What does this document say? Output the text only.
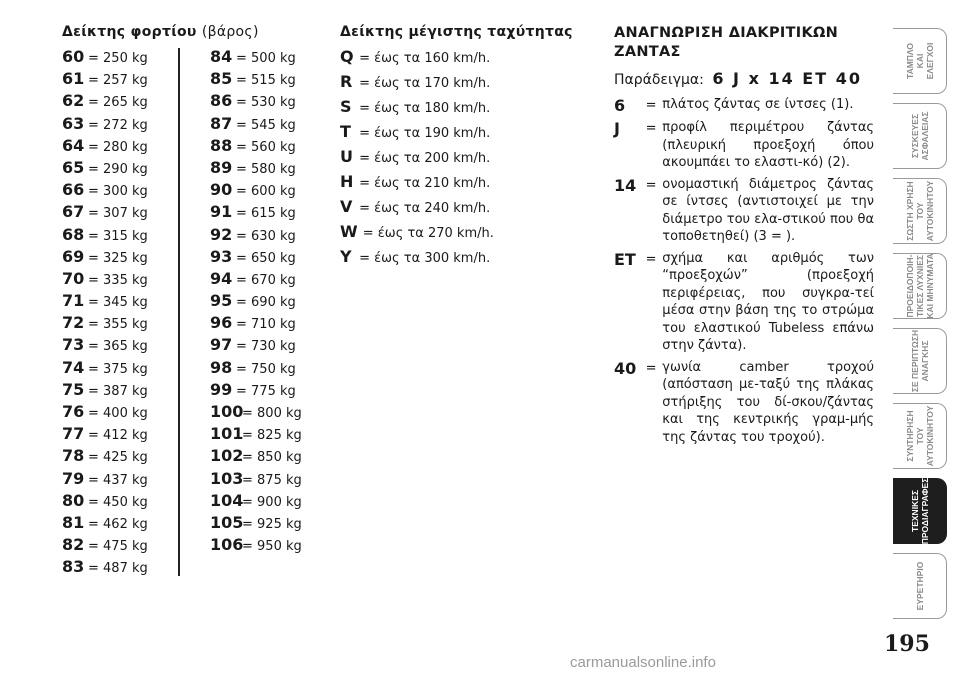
Δείκτης φορτίου (βάρος)
60 = 250 kg
61 = 257 kg
62 = 265 kg
63 = 272 kg
64 = 280 kg
65 = 290 kg
66 = 300 kg
67 = 307 kg
68 = 315 kg
69 = 325 kg
70 = 335 kg
71 = 345 kg
72 = 355 kg
73 = 365 kg
74 = 375 kg
75 = 387 kg
76 = 400 kg
77 = 412 kg
78 = 425 kg
79 = 437 kg
80 = 450 kg
81 = 462 kg
82 = 475 kg
83 = 487 kg
84 = 500 kg
85 = 515 kg
86 = 530 kg
87 = 545 kg
88 = 560 kg
89 = 580 kg
90 = 600 kg
91 = 615 kg
92 = 630 kg
93 = 650 kg
94 = 670 kg
95 = 690 kg
96 = 710 kg
97 = 730 kg
98 = 750 kg
99 = 775 kg
100= 800 kg
101= 825 kg
102= 850 kg
103= 875 kg
104= 900 kg
105= 925 kg
106= 950 kg
Δείκτης μέγιστης ταχύτητας
Q = έως τα 160 km/h.
R = έως τα 170 km/h.
S = έως τα 180 km/h.
T = έως τα 190 km/h.
U = έως τα 200 km/h.
H = έως τα 210 km/h.
V = έως τα 240 km/h.
W = έως τα 270 km/h.
Y = έως τα 300 km/h.
ΑΝΑΓΝΩΡΙΣΗ ΔΙΑΚΡΙΤΙΚΩΝ ΖΑΝΤΑΣ
Παράδειγμα: 6 J x 14 ET 40
6	= πλάτος ζάντας σε ίντσες (1).
J	= προφίλ περιμέτρου ζάντας (πλευρική προεξοχή όπου ακουμπάει το ελαστι-κό) (2).
14 = ονομαστική διάμετρος ζάντας σε ίντσες (αντιστοιχεί με την διάμετρο του ελα-στικού που θα τοποθετηθεί) (3 = ).
ET = σχήμα και αριθμός των “προεξοχών” (προεξοχή περιφέρειας, που συγκρα-τεί μέσα στην βάση της το στρώμα του ελαστικού Tubeless επάνω στην ζάντα).
40 = γωνία camber τροχού (απόσταση με-ταξύ της πλάκας στήριξης του δί-σκου/ζάντας και της κεντρικής γραμ-μής της ζάντας του τροχού).
ΤΑΜΠΛΟ
ΚΑΙ
ΕΛΕΓΧΟΙ
ΣΥΣΚΕΥΕΣ
ΑΣΦΑΛΕΙΑΣ
ΣΩΣΤΗ ΧΡΗΣΗ
ΤΟΥ
ΑΥΤΟΚΙΝΗΤΟΥ
ΠΡΟΕΙΔΟΠΟΙΗ-
ΤΙΚΕΣ ΛΥΧΝΙΕΣ
ΚΑΙ ΜΗΝΥΜΑΤΑ
ΣΕ ΠΕΡΙΠΤΩΣΗ
ΑΝΑΓΚΗΣ
ΣΥΝΤΗΡΗΣΗ
ΤΟΥ
ΑΥΤΟΚΙΝΗΤΟΥ
ΤΕΧΝΙΚΕΣ
ΠΡΟΔΙΑΓΡΑΦΕΣ
ΕΥΡΕΤΗΡΙΟ
195
carmanualsonline.info
